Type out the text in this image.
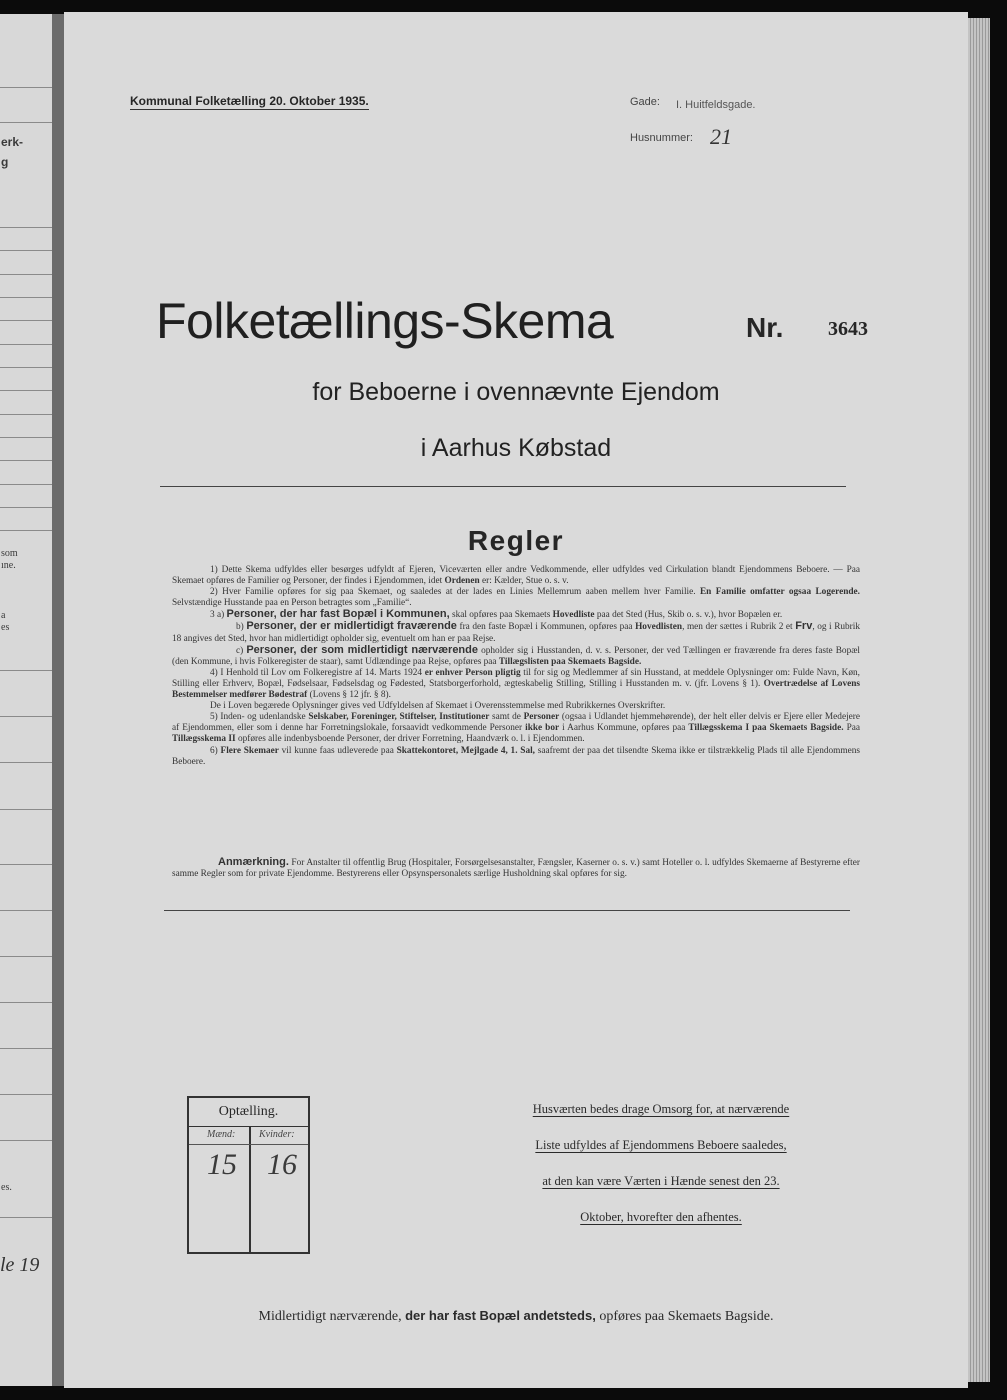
erk-
g
som
ıne.
a
es
es.
le 19
Kommunal Folketælling 20. Oktober 1935.	Gade: I. Huitfeldsgade.
Husnummer: 21
Folketællings-Skema	Nr. 3643
for Beboerne i ovennævnte Ejendom
i Aarhus Købstad
Regler

1) Dette Skema udfyldes eller besørges udfyldt af Ejeren, Viceværten eller andre Vedkommende, eller udfyldes ved Cirkulation blandt Ejendommens Beboere. — Paa Skemaet opføres de Familier og Personer, der findes i Ejendommen, idet Ordenen er: Kælder, Stue o. s. v.

2) Hver Familie opføres for sig paa Skemaet, og saaledes at der lades en Linies Mellemrum aaben mellem hver Familie. En Familie omfatter ogsaa Logerende. Selvstændige Husstande paa en Person betragtes som „Familie“.

3 a) Personer, der har fast Bopæl i Kommunen, skal opføres paa Skemaets Hovedliste paa det Sted (Hus, Skib o. s. v.), hvor Bopælen er.

b) Personer, der er midlertidigt fraværende fra den faste Bopæl i Kommunen, opføres paa Hovedlisten, men der sættes i Rubrik 2 et Frv, og i Rubrik 18 angives det Sted, hvor han midlertidigt opholder sig, eventuelt om han er paa Rejse.

c) Personer, der som midlertidigt nærværende opholder sig i Husstanden, d. v. s. Personer, der ved Tællingen er fraværende fra deres faste Bopæl (den Kommune, i hvis Folkeregister de staar), samt Udlændinge paa Rejse, opføres paa Tillægslisten paa Skemaets Bagside.

4) I Henhold til Lov om Folkeregistre af 14. Marts 1924 er enhver Person pligtig til for sig og Medlemmer af sin Husstand, at meddele Oplysninger om: Fulde Navn, Køn, Stilling eller Erhverv, Bopæl, Fødselsaar, Fødselsdag og Fødested, Statsborgerforhold, ægteskabelig Stilling, Stilling i Husstanden m. v. (jfr. Lovens § 1). Overtrædelse af Lovens Bestemmelser medfører Bødestraf (Lovens § 12 jfr. § 8).

De i Loven begærede Oplysninger gives ved Udfyldelsen af Skemaet i Overensstemmelse med Rubrikkernes Overskrifter.

5) Inden- og udenlandske Selskaber, Foreninger, Stiftelser, Institutioner samt de Personer (ogsaa i Udlandet hjemmehørende), der helt eller delvis er Ejere eller Medejere af Ejendommen, eller som i denne har Forretningslokale, forsaavidt vedkommende Personer ikke bor i Aarhus Kommune, opføres paa Tillægsskema I paa Skemaets Bagside. Paa Tillægsskema II opføres alle indenbysboende Personer, der driver Forretning, Haandværk o. l. i Ejendommen.

6) Flere Skemaer vil kunne faas udleverede paa Skattekontoret, Mejlgade 4, 1. Sal, saafremt der paa det tilsendte Skema ikke er tilstrækkelig Plads til alle Ejendommens Beboere.

Anmærkning. For Anstalter til offentlig Brug (Hospitaler, Forsørgelsesanstalter, Fængsler, Kaserner o. s. v.) samt Hoteller o. l. udfyldes Skemaerne af Bestyrerne efter samme Regler som for private Ejendomme. Bestyrerens eller Opsynspersonalets særlige Husholdning skal opføres for sig.

Optælling.
Mænd: Kvinder:
15 16
Husværten bedes drage Omsorg for, at nærværende
Liste udfyldes af Ejendommens Beboere saaledes,
at den kan være Værten i Hænde senest den 23.
Oktober, hvorefter den afhentes.
Midlertidigt nærværende, der har fast Bopæl andetsteds, opføres paa Skemaets Bagside.
